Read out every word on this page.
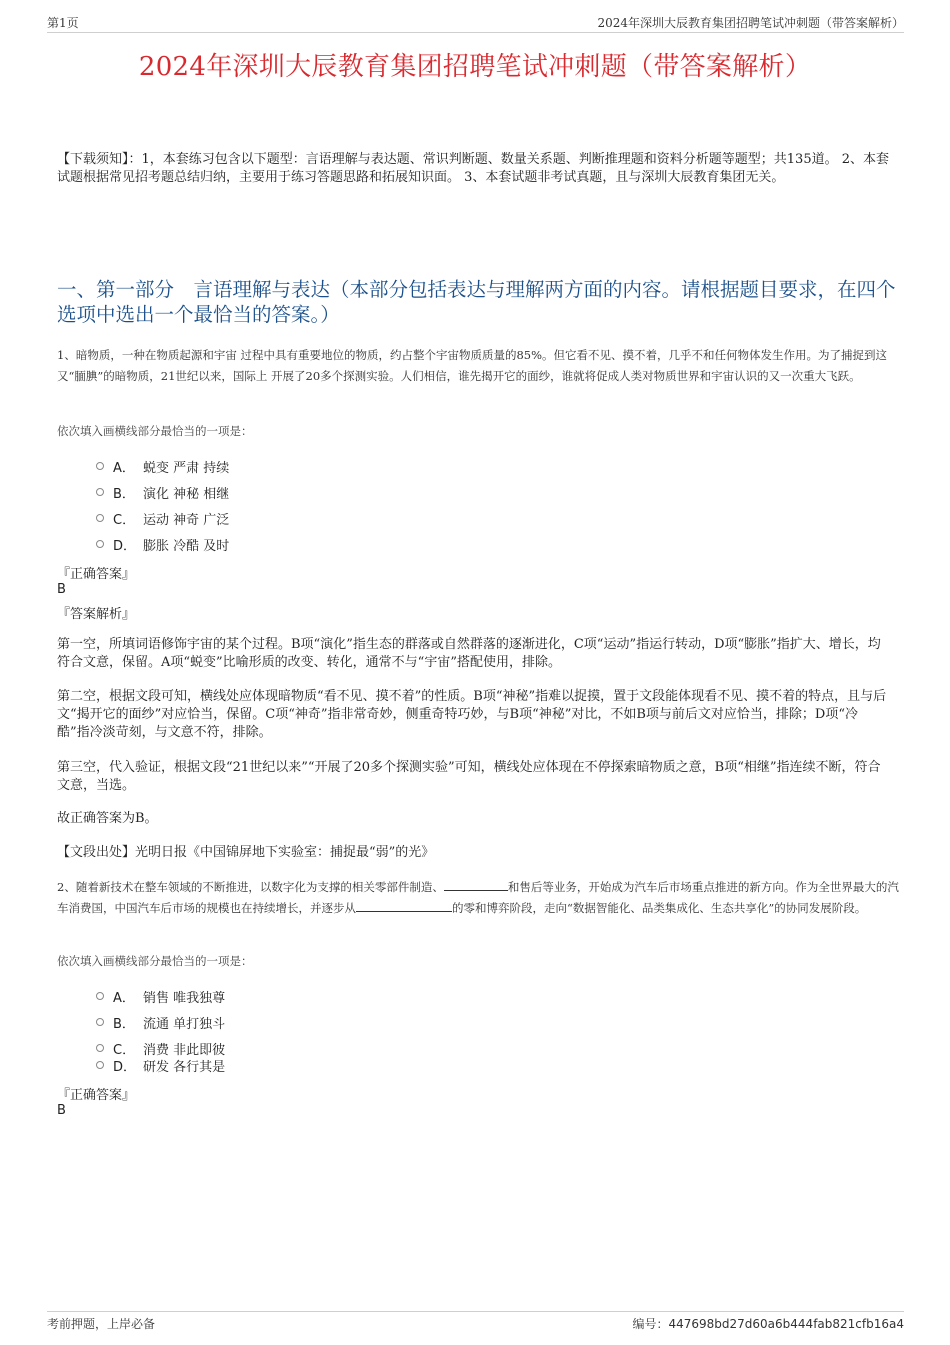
第1页	2024年深圳大辰教育集团招聘笔试冲刺题（带答案解析）
2024年深圳大辰教育集团招聘笔试冲刺题（带答案解析）
【下载须知】：1，本套练习包含以下题型：言语理解与表达题、常识判断题、数量关系题、判断推理题和资料分析题等题型；共135道。 2、本套试题根据常见招考题总结归纳，主要用于练习答题思路和拓展知识面。 3、本套试题非考试真题，且与深圳大辰教育集团无关。
一、第一部分　言语理解与表达（本部分包括表达与理解两方面的内容。请根据题目要求，在四个选项中选出一个最恰当的答案。）
1、暗物质，一种在物质起源和宇宙 过程中具有重要地位的物质，约占整个宇宙物质质量的85%。但它看不见、摸不着，几乎不和任何物体发生作用。为了捕捉到这 又“腼腆”的暗物质，21世纪以来，国际上 开展了20多个探测实验。人们相信，谁先揭开它的面纱，谁就将促成人类对物质世界和宇宙认识的又一次重大飞跃。
依次填入画横线部分最恰当的一项是：
A． 蜕变 严肃 持续
B． 演化 神秘 相继
C． 运动 神奇 广泛
D． 膨胀 冷酷 及时
『正确答案』
B
『答案解析』

第一空，所填词语修饰宇宙的某个过程。B项“演化”指生态的群落或自然群落的逐渐进化，C项“运动”指运行转动，D项“膨胀”指扩大、增长，均符合文意，保留。A项“蜕变”比喻形质的改变、转化，通常不与“宇宙”搭配使用，排除。

第二空，根据文段可知，横线处应体现暗物质“看不见、摸不着”的性质。B项“神秘”指难以捉摸，置于文段能体现看不见、摸不着的特点，且与后文“揭开它的面纱”对应恰当，保留。C项“神奇”指非常奇妙，侧重奇特巧妙，与B项“神秘”对比，不如B项与前后文对应恰当，排除；D项“冷酷”指冷淡苛刻，与文意不符，排除。

第三空，代入验证，根据文段“21世纪以来”“开展了20多个探测实验”可知，横线处应体现在不停探索暗物质之意，B项“相继”指连续不断，符合文意，当选。

故正确答案为B。

【文段出处】光明日报《中国锦屏地下实验室：捕捉最“弱”的光》

2、随着新技术在整车领域的不断推进，以数字化为支撑的相关零部件制造、	和售后等业务，开始成为汽车后市场重点推进的新方向。作为全世界最大的汽车消费国，中国汽车后市场的规模也在持续增长，并逐步从	的零和博弈阶段，走向“数据智能化、品类集成化、生态共享化”的协同发展阶段。
依次填入画横线部分最恰当的一项是：
A． 销售 唯我独尊
B． 流通 单打独斗
C． 消费 非此即彼
D． 研发 各行其是
『正确答案』
B
考前押题，上岸必备	编号：447698bd27d60a6b444fab821cfb16a4
